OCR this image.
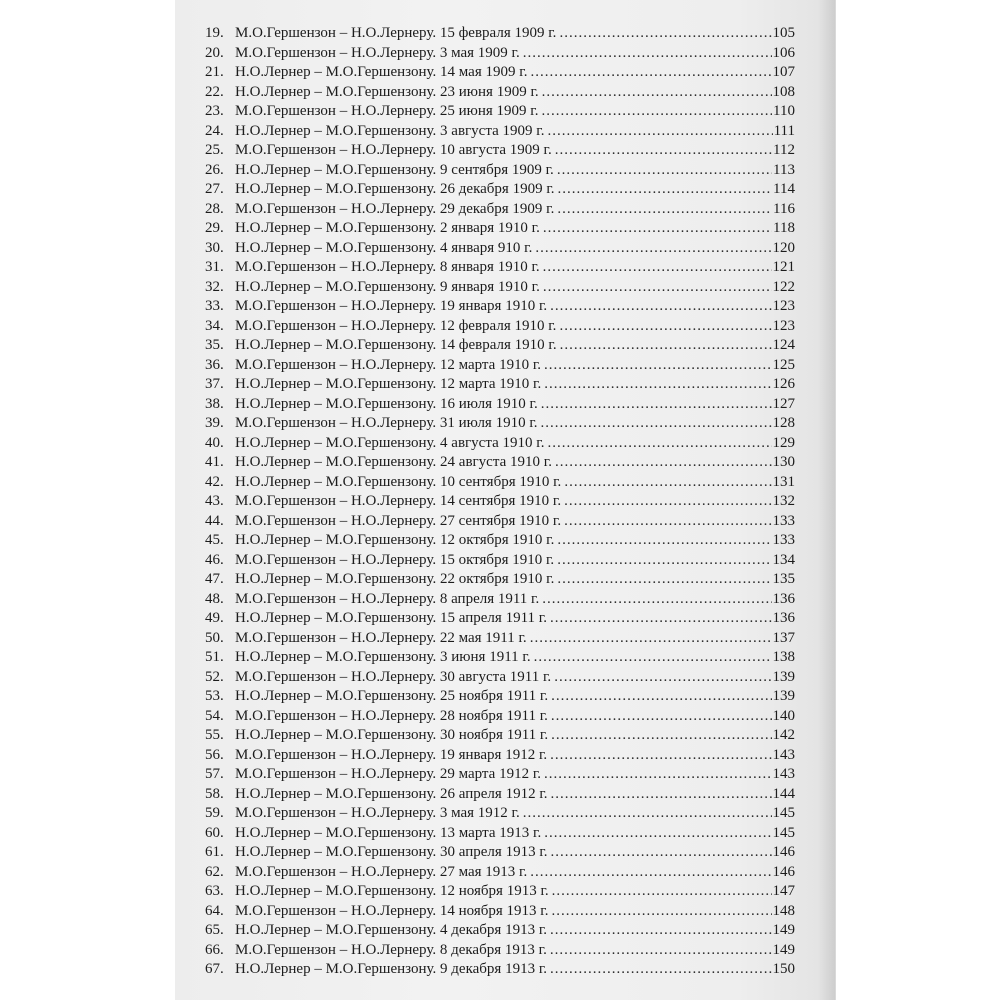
19. М.О.Гершензон – Н.О.Лернеру. 15 февраля 1909 г. .....	105
20. М.О.Гершензон – Н.О.Лернеру. 3 мая 1909 г. .....	106
21. Н.О.Лернер – М.О.Гершензону. 14 мая 1909 г. .....	107
22. Н.О.Лернер – М.О.Гершензону. 23 июня 1909 г. .....	108
23. М.О.Гершензон – Н.О.Лернеру. 25 июня 1909 г. .....	110
24. Н.О.Лернер – М.О.Гершензону. 3 августа 1909 г. .....	111
25. М.О.Гершензон – Н.О.Лернеру. 10 августа 1909 г. .....	112
26. Н.О.Лернер – М.О.Гершензону. 9 сентября 1909 г. .....	113
27. Н.О.Лернер – М.О.Гершензону. 26 декабря 1909 г. .....	114
28. М.О.Гершензон – Н.О.Лернеру. 29 декабря 1909 г. .....	116
29. Н.О.Лернер – М.О.Гершензону. 2 января 1910 г. .....	118
30. Н.О.Лернер – М.О.Гершензону. 4 января 910 г. .....	120
31. М.О.Гершензон – Н.О.Лернеру. 8 января 1910 г. .....	121
32. Н.О.Лернер – М.О.Гершензону. 9 января 1910 г. .....	122
33. М.О.Гершензон – Н.О.Лернеру. 19 января 1910 г. .....	123
34. М.О.Гершензон – Н.О.Лернеру. 12 февраля 1910 г. .....	123
35. Н.О.Лернер – М.О.Гершензону. 14 февраля 1910 г. .....	124
36. М.О.Гершензон – Н.О.Лернеру. 12 марта 1910 г. .....	125
37. Н.О.Лернер – М.О.Гершензону. 12 марта 1910 г. .....	126
38. Н.О.Лернер – М.О.Гершензону. 16 июля 1910 г. .....	127
39. М.О.Гершензон – Н.О.Лернеру. 31 июля 1910 г. .....	128
40. Н.О.Лернер – М.О.Гершензону. 4 августа 1910 г. .....	129
41. Н.О.Лернер – М.О.Гершензону. 24 августа 1910 г. .....	130
42. Н.О.Лернер – М.О.Гершензону. 10 сентября 1910 г. .....	131
43. М.О.Гершензон – Н.О.Лернеру. 14 сентября 1910 г. .....	132
44. М.О.Гершензон – Н.О.Лернеру. 27 сентября 1910 г. .....	133
45. Н.О.Лернер – М.О.Гершензону. 12 октября 1910 г. .....	133
46. М.О.Гершензон – Н.О.Лернеру. 15 октября 1910 г. .....	134
47. Н.О.Лернер – М.О.Гершензону. 22 октября 1910 г. .....	135
48. М.О.Гершензон – Н.О.Лернеру. 8 апреля 1911 г. .....	136
49. Н.О.Лернер – М.О.Гершензону. 15 апреля 1911 г. .....	136
50. М.О.Гершензон – Н.О.Лернеру. 22 мая 1911 г. .....	137
51. Н.О.Лернер – М.О.Гершензону. 3 июня 1911 г. .....	138
52. М.О.Гершензон – Н.О.Лернеру. 30 августа 1911 г. .....	139
53. Н.О.Лернер – М.О.Гершензону. 25 ноября 1911 г. .....	139
54. М.О.Гершензон – Н.О.Лернеру. 28 ноября 1911 г. .....	140
55. Н.О.Лернер – М.О.Гершензону. 30 ноября 1911 г. .....	142
56. М.О.Гершензон – Н.О.Лернеру. 19 января 1912 г. .....	143
57. М.О.Гершензон – Н.О.Лернеру. 29 марта 1912 г. .....	143
58. Н.О.Лернер – М.О.Гершензону. 26 апреля 1912 г. .....	144
59. М.О.Гершензон – Н.О.Лернеру. 3 мая 1912 г. .....	145
60. Н.О.Лернер – М.О.Гершензону. 13 марта 1913 г. .....	145
61. Н.О.Лернер – М.О.Гершензону. 30 апреля 1913 г. .....	146
62. М.О.Гершензон – Н.О.Лернеру. 27 мая 1913 г. .....	146
63. Н.О.Лернер – М.О.Гершензону. 12 ноября 1913 г. .....	147
64. М.О.Гершензон – Н.О.Лернеру. 14 ноября 1913 г. .....	148
65. Н.О.Лернер – М.О.Гершензону. 4 декабря 1913 г. .....	149
66. М.О.Гершензон – Н.О.Лернеру. 8 декабря 1913 г. .....	149
67. Н.О.Лернер – М.О.Гершензону. 9 декабря 1913 г. .....	150
